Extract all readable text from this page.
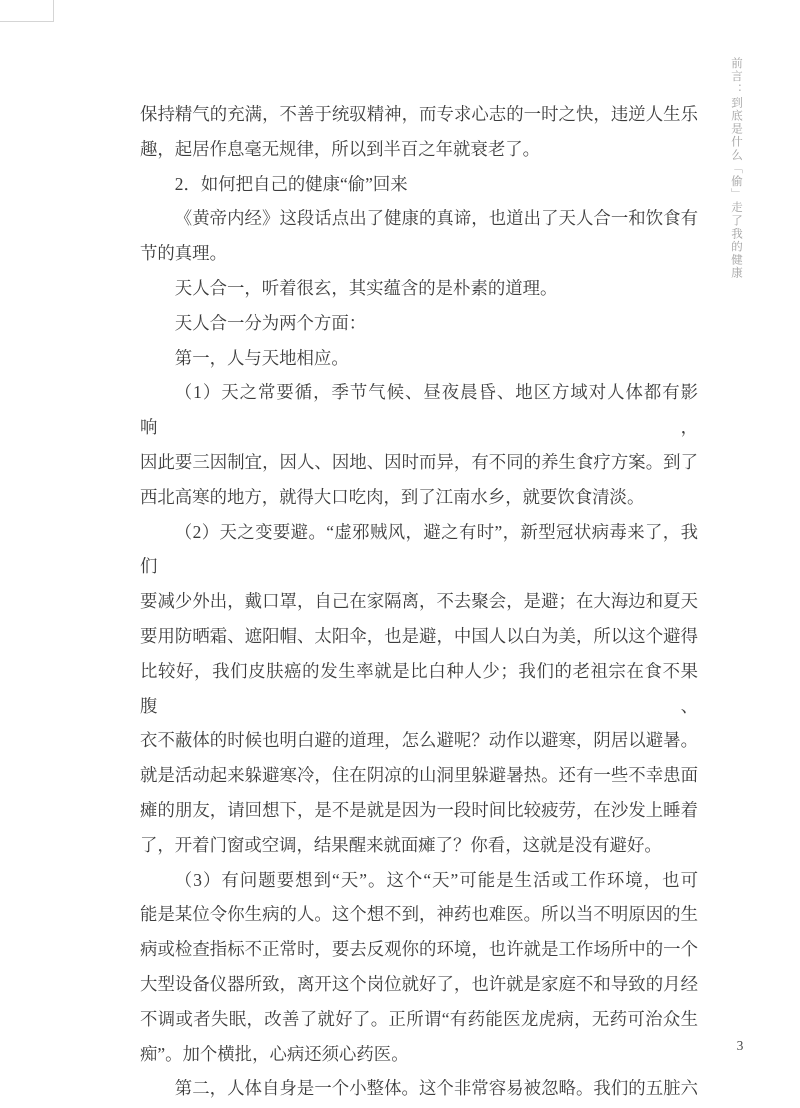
前言：到底是什么「偷」走了我的健康
保持精气的充满，不善于统驭精神，而专求心志的一时之快，违逆人生乐
趣，起居作息毫无规律，所以到半百之年就衰老了。
2．如何把自己的健康“偷”回来
《黄帝内经》这段话点出了健康的真谛，也道出了天人合一和饮食有
节的真理。
天人合一，听着很玄，其实蕴含的是朴素的道理。
天人合一分为两个方面：
第一，人与天地相应。
（1）天之常要循，季节气候、昼夜晨昏、地区方域对人体都有影响，
因此要三因制宜，因人、因地、因时而异，有不同的养生食疗方案。到了
西北高寒的地方，就得大口吃肉，到了江南水乡，就要饮食清淡。
（2）天之变要避。“虚邪贼风，避之有时”，新型冠状病毒来了，我们
要减少外出，戴口罩，自己在家隔离，不去聚会，是避；在大海边和夏天
要用防晒霜、遮阳帽、太阳伞，也是避，中国人以白为美，所以这个避得
比较好，我们皮肤癌的发生率就是比白种人少；我们的老祖宗在食不果腹、
衣不蔽体的时候也明白避的道理，怎么避呢？动作以避寒，阴居以避暑。
就是活动起来躲避寒冷，住在阴凉的山洞里躲避暑热。还有一些不幸患面
瘫的朋友，请回想下，是不是就是因为一段时间比较疲劳，在沙发上睡着
了，开着门窗或空调，结果醒来就面瘫了？你看，这就是没有避好。
（3）有问题要想到“天”。这个“天”可能是生活或工作环境，也可
能是某位令你生病的人。这个想不到，神药也难医。所以当不明原因的生
病或检查指标不正常时，要去反观你的环境，也许就是工作场所中的一个
大型设备仪器所致，离开这个岗位就好了，也许就是家庭不和导致的月经
不调或者失眠，改善了就好了。正所谓“有药能医龙虎病，无药可治众生
痴”。加个横批，心病还须心药医。
第二，人体自身是一个小整体。这个非常容易被忽略。我们的五脏六
3
